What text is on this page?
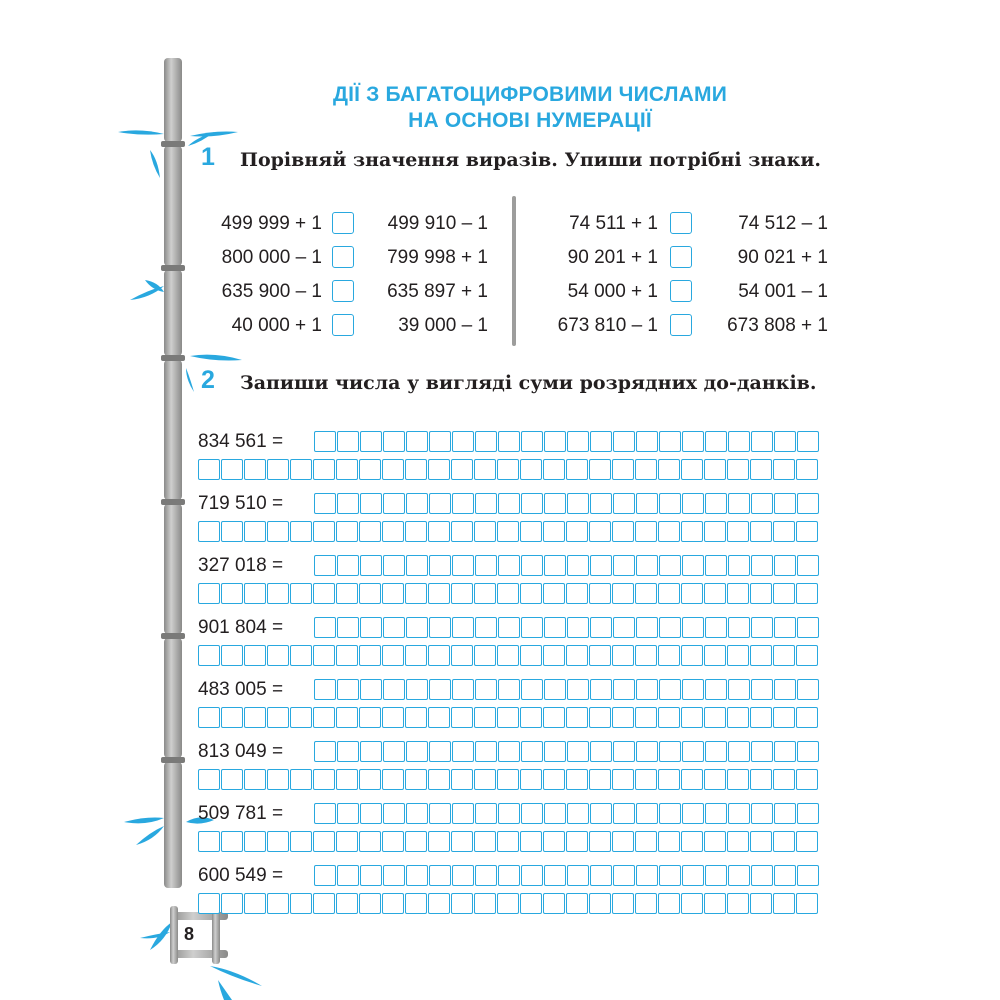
ДІЇ З БАГАТОЦИФРОВИМИ ЧИСЛАМИ
НА ОСНОВІ НУМЕРАЦІЇ
1 Порівняй значення виразів. Упиши потрібні знаки.
499 999 + 1	499 910 – 1	74 511 + 1	74 512 – 1
800 000 – 1	799 998 + 1	90 201 + 1	90 021 + 1
635 900 – 1	635 897 + 1	54 000 + 1	54 001 – 1
40 000 + 1	39 000 – 1	673 810 – 1	673 808 + 1
2 Запиши числа у вигляді суми розрядних до-данків.
834 561 =
719 510 =
327 018 =
901 804 =
483 005 =
813 049 =
509 781 =
600 549 =
8
